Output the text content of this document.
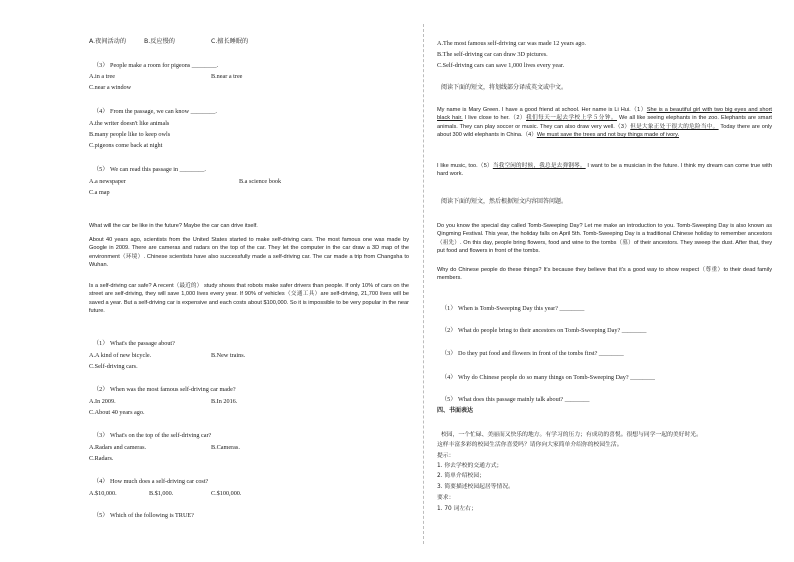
A.夜间活动的	B.反应慢的	C.擅长睡眠的
（3） People make a room for pigeons ________.
A.in a tree	B.near a tree
C.near a window
（4） From the passage, we can know ________.
A.the writer doesn't like animals
B.many people like to keep owls
C.pigeons come back at night
（5） We can read this passage in ________.
A.a newspaper	B.a science book
C.a map
What will the car be like in the future? Maybe the car can drive itself.
About 40 years ago, scientists from the United States started to make self-driving cars. The most famous one was made by Google in 2009. There are cameras and radars on the top of the car. They let the computer in the car draw a 3D map of the environment（环境）. Chinese scientists have also successfully made a self-driving car. The car made a trip from Changsha to Wuhan.
Is a self-driving car safe? A recent（最近的） study shows that robots make safer drivers than people. If only 10% of cars on the street are self-driving, they will save 1,000 lives every year. If 90% of vehicles（交通工具）are self-driving, 21,700 lives will be saved a year. But a self-driving car is expensive and each costs about $100,000. So it is impossible to be very popular in the near future.
（1） What's the passage about?
A.A kind of new bicycle.	B.New trains.
C.Self-driving cars.
（2） When was the most famous self-driving car made?
A.In 2009.	B.In 2016.
C.About 40 years ago.
（3） What's on the top of the self-driving car?
A.Radars and cameras.	B.Cameras.
C.Radars.
（4） How much does a self-driving car cost?
A.$10,000.	B.$1,000.	C.$100,000.
（5） Which of the following is TRUE?
A.The most famous self-driving car was made 12 years ago.
B.The self-driving car can draw 3D pictures.
C.Self-driving cars can save 1,000 lives every year.
阅读下面的短文，将划线部分译成英文或中文。
My name is Mary Green. I have a good friend at school. Her name is Li Hui.（1）She is a beautiful girl with two big eyes and short black hair. I live close to her.（2）我们每天一起去学校上学５分钟。 We all like seeing elephants in the zoo. Elephants are smart animals. They can play soccer or music. They can also draw very well.（3）但是大象正处于很大的危险当中。 Today there are only about 300 wild elephants in China.（4）We must save the trees and not buy things made of ivory.
I like music, too.（5）当我空闲的时候，我总是去弹钢琴。 I want to be a musician in the future. I think my dream can come true with hard work.
阅读下面的短文，然后根据短文内容回答问题。
Do you know the special day called Tomb-Sweeping Day? Let me make an introduction to you. Tomb-Sweeping Day is also known as Qingming Festival. This year, the holiday falls on April 5th. Tomb-Sweeping Day is a traditional Chinese holiday to remember ancestors（祖先）. On this day, people bring flowers, food and wine to the tombs（墓）of their ancestors. They sweep the dust. After that, they put food and flowers in front of the tombs.
Why do Chinese people do these things? It's because they believe that it's a good way to show respect（尊重）to their dead family members.
（1） When is Tomb-Sweeping Day this year? ________
（2） What do people bring to their ancestors on Tomb-Sweeping Day? ________
（3） Do they put food and flowers in front of the tombs first? ________
（4） Why do Chinese people do so many things on Tomb-Sweeping Day? ________
（5） What does this passage mainly talk about? ________
四、书面表达
校园，一个忙碌、美丽而又快乐的地方。有学习的压力；有成功的喜悦。很想与同学一起的美好时光。
这样丰富多彩的校园生活你喜爱吗？请你向大家简单介绍你的校园生活。
提示：
1. 你去学校的交通方式；
2. 简单介绍校园；
3. 简要描述校园起居等情况。
要求：
1. 70 词左右；
